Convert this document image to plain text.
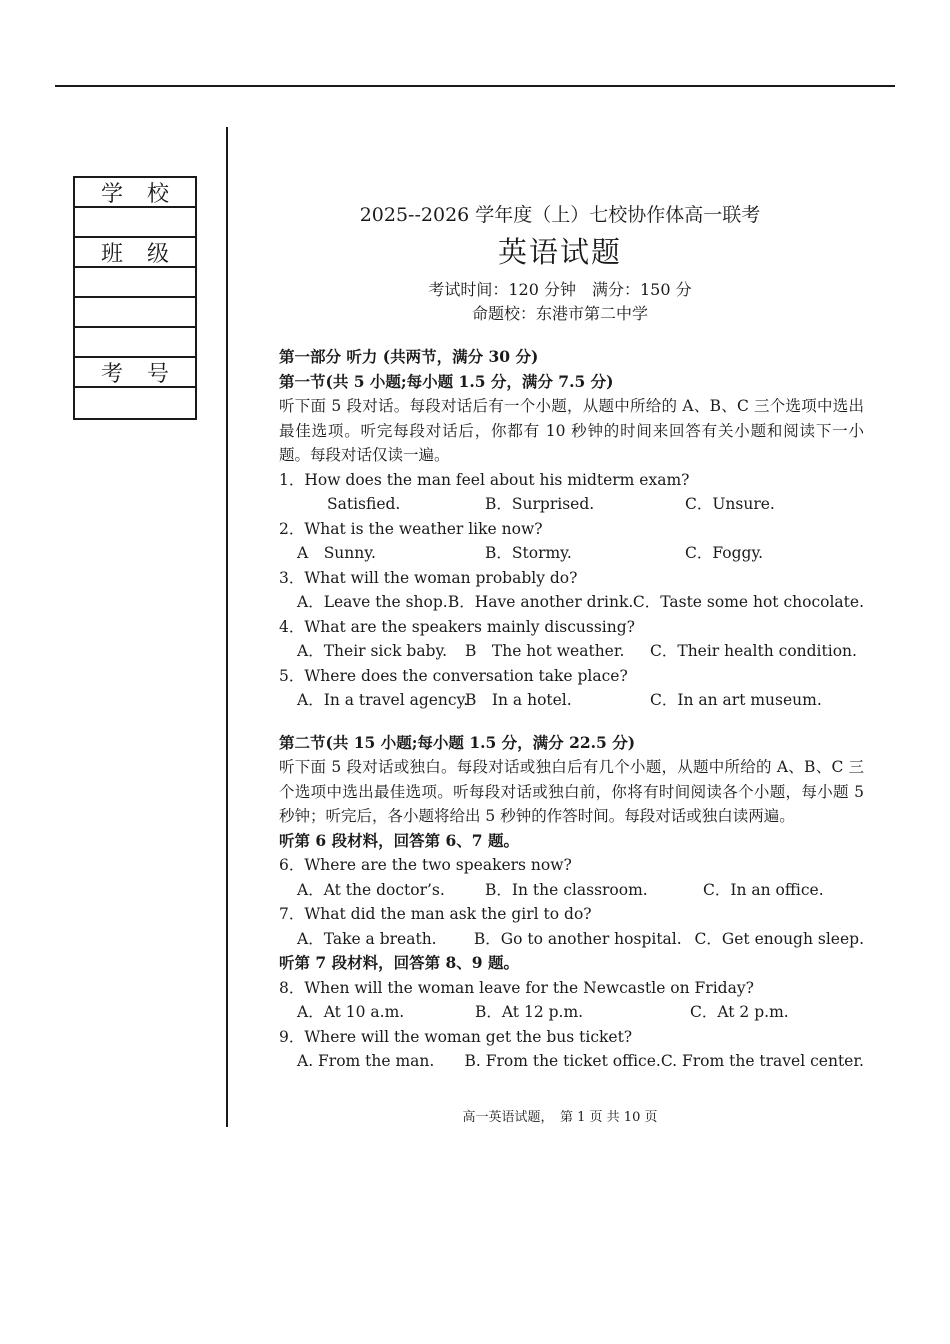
学 校
班 级
考 号
2025--2026 学年度（上）七校协作体高一联考
英语试题
考试时间：120 分钟　满分：150 分
命题校：东港市第二中学
第一部分 听力 (共两节，满分 30 分)
第一节(共 5 小题;每小题 1.5 分，满分 7.5 分)
听下面 5 段对话。每段对话后有一个小题，从题中所给的 A、B、C 三个选项中选出最佳选项。听完每段对话后，你都有 10 秒钟的时间来回答有关小题和阅读下一小题。每段对话仅读一遍。
1．How does the man feel about his midterm exam?
Satisfied.	B．Surprised.	C．Unsure.
2．What is the weather like now?
A　Sunny.	B．Stormy.	C．Foggy.
3．What will the woman probably do?
A．Leave the shop. B．Have another drink. C．Taste some hot chocolate.
4．What are the speakers mainly discussing?
A．Their sick baby.	B　The hot weather.	C．Their health condition.
5．Where does the conversation take place?
A．In a travel agency.
B　In a hotel.	C．In an art museum.
第二节(共 15 小题;每小题 1.5 分，满分 22.5 分)
听下面 5 段对话或独白。每段对话或独白后有几个小题，从题中所给的 A、B、C 三个选项中选出最佳选项。听每段对话或独白前，你将有时间阅读各个小题，每小题 5 秒钟；听完后，各小题将给出 5 秒钟的作答时间。每段对话或独白读两遍。
听第 6 段材料，回答第 6、7 题。
6．Where are the two speakers now?
A．At the doctor’s.	B．In the classroom.	C．In an office.
7．What did the man ask the girl to do?
A．Take a breath.	B．Go to another hospital. C．Get enough sleep.
听第 7 段材料，回答第 8、9 题。
8．When will the woman leave for the Newcastle on Friday?
A．At 10 a.m.	B．At 12 p.m.	C．At 2 p.m.
9．Where will the woman get the bus ticket?
A. From the man.	B. From the ticket office. C. From the travel center.
高一英语试题，　第 1 页 共 10 页
